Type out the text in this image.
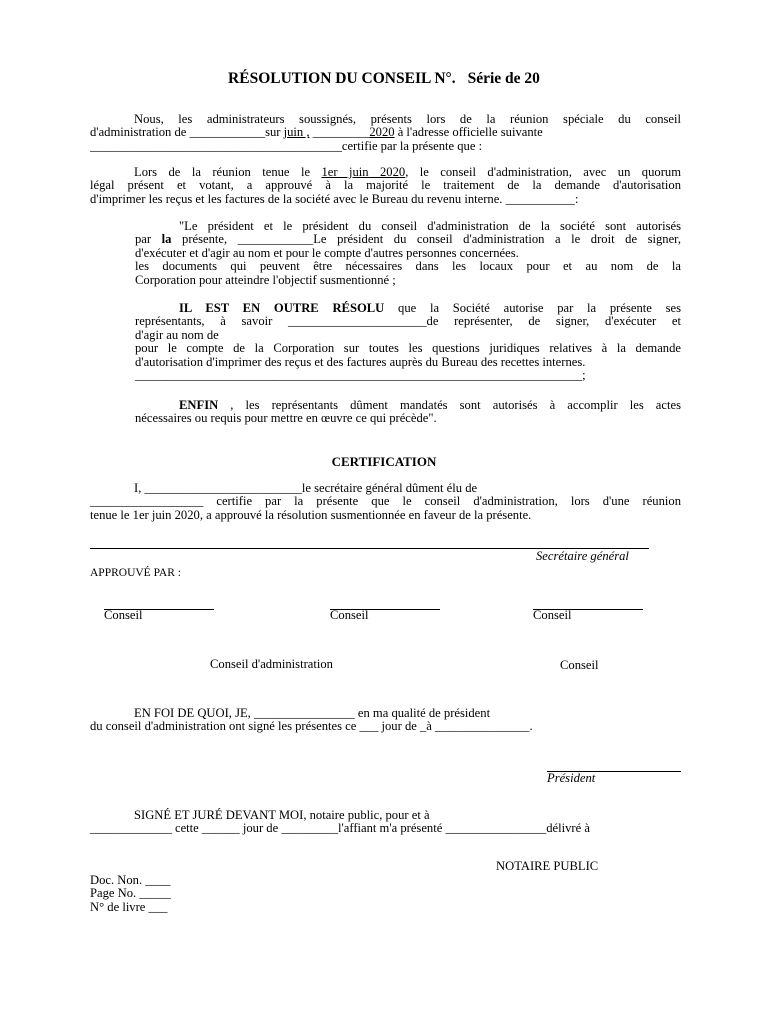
RÉSOLUTION DU CONSEIL N°. Série de 20
Nous, les administrateurs soussignés, présents lors de la réunion spéciale du conseil
d'administration de ____________sur juin , _________2020 à l'adresse officielle suivante
________________________________________certifie par la présente que :
Lors de la réunion tenue le 1er juin 2020, le conseil d'administration, avec un quorum
légal présent et votant, a approuvé à la majorité le traitement de la demande d'autorisation
d'imprimer les reçus et les factures de la société avec le Bureau du revenu interne. ___________:
"Le président et le président du conseil d'administration de la société sont autorisés
par la présente, ____________Le président du conseil d'administration a le droit de signer,
d'exécuter et d'agir au nom et pour le compte d'autres personnes concernées.
les documents qui peuvent être nécessaires dans les locaux pour et au nom de la
Corporation pour atteindre l'objectif susmentionné ;
IL EST EN OUTRE RÉSOLU que la Société autorise par la présente ses
représentants, à savoir ______________________de représenter, de signer, d'exécuter et
d'agir au nom de
pour le compte de la Corporation sur toutes les questions juridiques relatives à la demande
d'autorisation d'imprimer des reçus et des factures auprès du Bureau des recettes internes.
_______________________________________________________________________;
ENFIN , les représentants dûment mandatés sont autorisés à accomplir les actes
nécessaires ou requis pour mettre en œuvre ce qui précède".
CERTIFICATION
I, _________________________le secrétaire général dûment élu de
__________________ certifie par la présente que le conseil d'administration, lors d'une réunion
tenue le 1er juin 2020, a approuvé la résolution susmentionnée en faveur de la présente.
Secrétaire général
APPROUVÉ PAR :
Conseil	Conseil	Conseil
Conseil d'administration	Conseil
EN FOI DE QUOI, JE, ________________ en ma qualité de président
du conseil d'administration ont signé les présentes ce ___ jour de _à _______________.
Président
SIGNÉ ET JURÉ DEVANT MOI, notaire public, pour et à
_____________ cette ______ jour de _________l'affiant m'a présenté ________________délivré à
NOTAIRE PUBLIC
Doc. Non. ____
Page No. _____
N° de livre ___
